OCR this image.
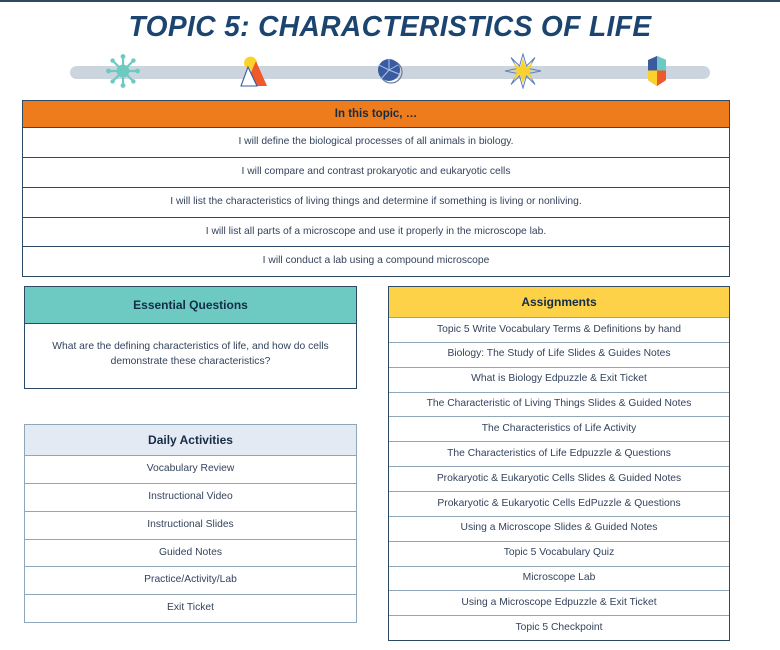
TOPIC 5: CHARACTERISTICS OF LIFE
In this topic, …
I will define the biological processes of all animals in biology.
I will compare and contrast prokaryotic and eukaryotic cells
I will list the characteristics of living things and determine if something is living or nonliving.
I will list all parts of a microscope and use it properly in the microscope lab.
I will conduct a lab using a compound microscope
Essential Questions
What are the defining characteristics of life, and how do cells demonstrate these characteristics?
Daily Activities
Vocabulary Review
Instructional Video
Instructional Slides
Guided Notes
Practice/Activity/Lab
Exit Ticket
Assignments
Topic 5 Write Vocabulary Terms & Definitions by hand
Biology: The Study of Life Slides & Guides Notes
What is Biology Edpuzzle & Exit Ticket
The Characteristic of Living Things Slides & Guided Notes
The Characteristics of Life Activity
The Characteristics of Life Edpuzzle & Questions
Prokaryotic & Eukaryotic Cells Slides & Guided Notes
Prokaryotic & Eukaryotic Cells EdPuzzle & Questions
Using a Microscope Slides & Guided Notes
Topic 5 Vocabulary Quiz
Microscope Lab
Using a Microscope Edpuzzle & Exit Ticket
Topic 5 Checkpoint
